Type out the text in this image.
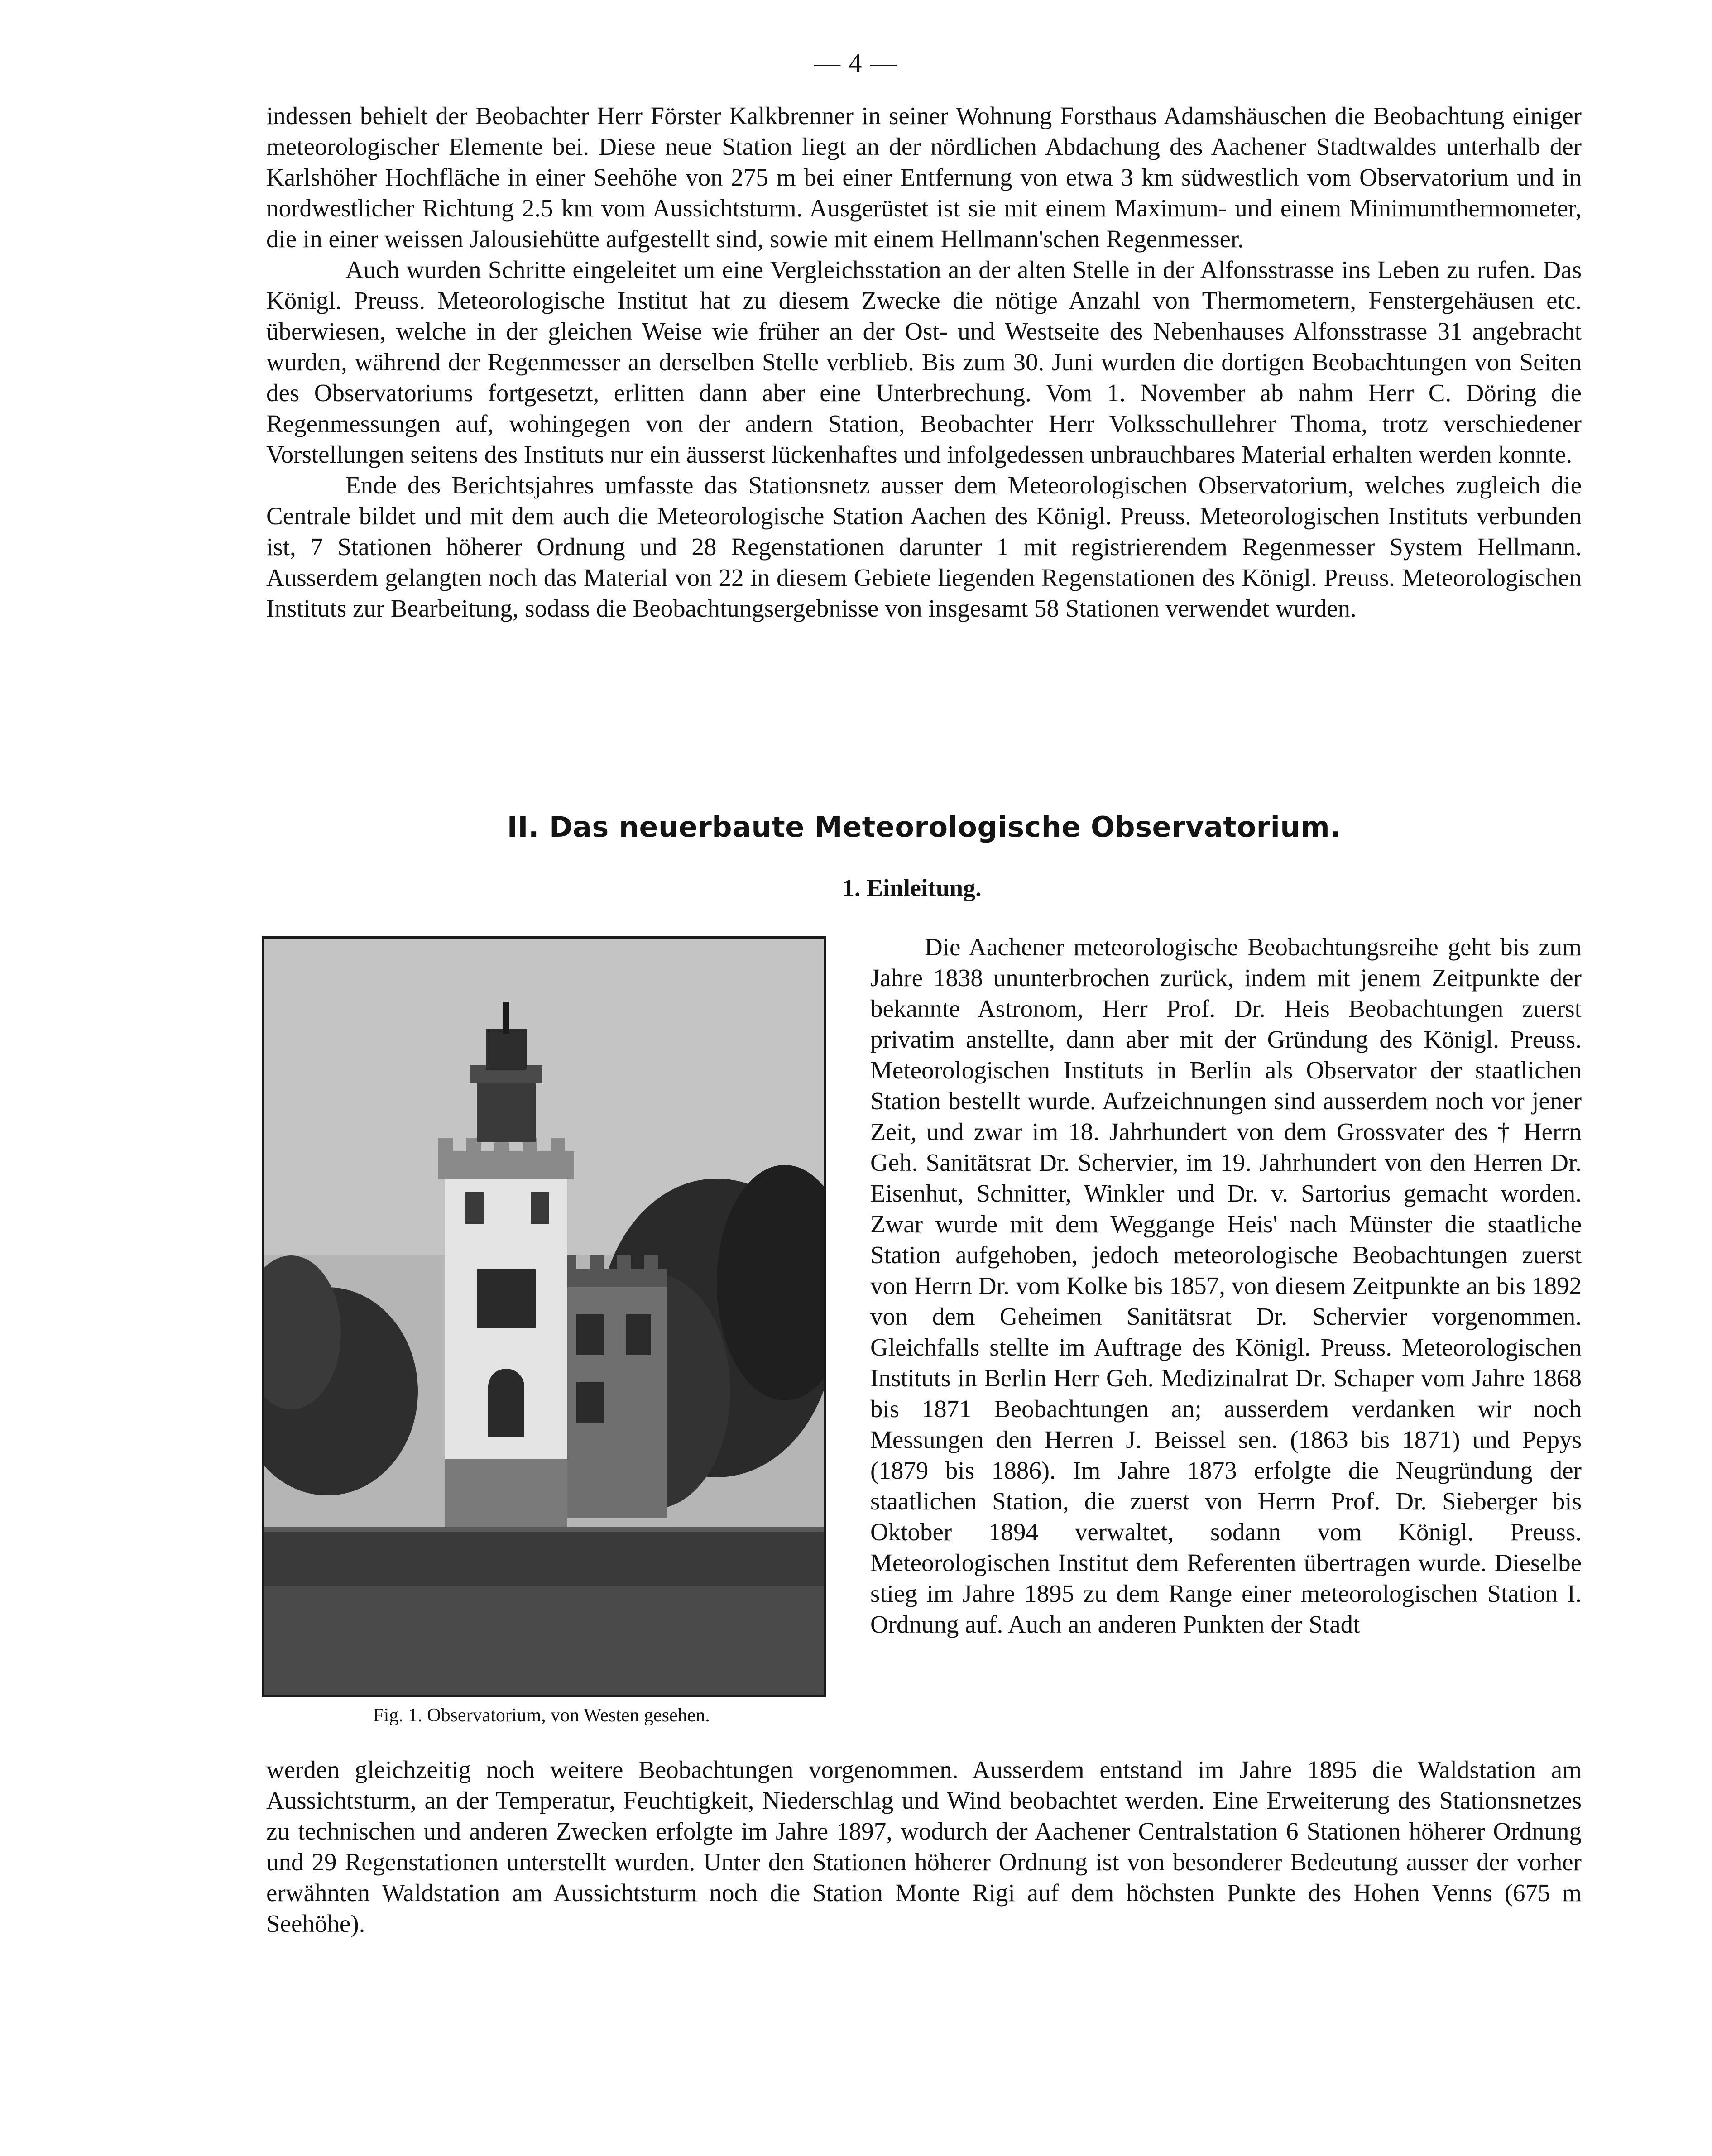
— 4 —

indessen behielt der Beobachter Herr Förster Kalkbrenner in seiner Wohnung Forsthaus Adamshäuschen die Beobachtung einiger meteorologischer Elemente bei. Diese neue Station liegt an der nördlichen Abdachung des Aachener Stadtwaldes unterhalb der Karlshöher Hochfläche in einer Seehöhe von 275 m bei einer Entfernung von etwa 3 km südwestlich vom Observatorium und in nordwestlicher Richtung 2.5 km vom Aussichtsturm. Ausgerüstet ist sie mit einem Maximum- und einem Minimumthermometer, die in einer weissen Jalousiehütte aufgestellt sind, sowie mit einem Hellmann'schen Regenmesser.

Auch wurden Schritte eingeleitet um eine Vergleichsstation an der alten Stelle in der Alfonsstrasse ins Leben zu rufen. Das Königl. Preuss. Meteorologische Institut hat zu diesem Zwecke die nötige Anzahl von Thermometern, Fenstergehäusen etc. überwiesen, welche in der gleichen Weise wie früher an der Ost- und Westseite des Nebenhauses Alfonsstrasse 31 angebracht wurden, während der Regenmesser an derselben Stelle verblieb. Bis zum 30. Juni wurden die dortigen Beobachtungen von Seiten des Observatoriums fortgesetzt, erlitten dann aber eine Unterbrechung. Vom 1. November ab nahm Herr C. Döring die Regenmessungen auf, wohingegen von der andern Station, Beobachter Herr Volksschullehrer Thoma, trotz verschiedener Vorstellungen seitens des Instituts nur ein äusserst lückenhaftes und infolgedessen unbrauchbares Material erhalten werden konnte.

Ende des Berichtsjahres umfasste das Stationsnetz ausser dem Meteorologischen Observatorium, welches zugleich die Centrale bildet und mit dem auch die Meteorologische Station Aachen des Königl. Preuss. Meteorologischen Instituts verbunden ist, 7 Stationen höherer Ordnung und 28 Regenstationen darunter 1 mit registrierendem Regenmesser System Hellmann. Ausserdem gelangten noch das Material von 22 in diesem Gebiete liegenden Regenstationen des Königl. Preuss. Meteorologischen Instituts zur Bearbeitung, sodass die Beobachtungsergebnisse von insgesamt 58 Stationen verwendet wurden.

II. Das neuerbaute Meteorologische Observatorium.
1. Einleitung.
Fig. 1. Observatorium, von Westen gesehen.

Die Aachener meteorologische Beobachtungsreihe geht bis zum Jahre 1838 ununterbrochen zurück, indem mit jenem Zeitpunkte der bekannte Astronom, Herr Prof. Dr. Heis Beobachtungen zuerst privatim anstellte, dann aber mit der Gründung des Königl. Preuss. Meteorologischen Instituts in Berlin als Observator der staatlichen Station bestellt wurde. Aufzeichnungen sind ausserdem noch vor jener Zeit, und zwar im 18. Jahrhundert von dem Grossvater des † Herrn Geh. Sanitätsrat Dr. Schervier, im 19. Jahrhundert von den Herren Dr. Eisenhut, Schnitter, Winkler und Dr. v. Sartorius gemacht worden. Zwar wurde mit dem Weggange Heis' nach Münster die staatliche Station aufgehoben, jedoch meteorologische Beobachtungen zuerst von Herrn Dr. vom Kolke bis 1857, von diesem Zeitpunkte an bis 1892 von dem Geheimen Sanitätsrat Dr. Schervier vorgenommen. Gleichfalls stellte im Auftrage des Königl. Preuss. Meteorologischen Instituts in Berlin Herr Geh. Medizinalrat Dr. Schaper vom Jahre 1868 bis 1871 Beobachtungen an; ausserdem verdanken wir noch Messungen den Herren J. Beissel sen. (1863 bis 1871) und Pepys (1879 bis 1886). Im Jahre 1873 erfolgte die Neugründung der staatlichen Station, die zuerst von Herrn Prof. Dr. Sieberger bis Oktober 1894 verwaltet, sodann vom Königl. Preuss. Meteorologischen Institut dem Referenten übertragen wurde. Dieselbe stieg im Jahre 1895 zu dem Range einer meteorologischen Station I. Ordnung auf. Auch an anderen Punkten der Stadt

werden gleichzeitig noch weitere Beobachtungen vorgenommen. Ausserdem entstand im Jahre 1895 die Waldstation am Aussichtsturm, an der Temperatur, Feuchtigkeit, Niederschlag und Wind beobachtet werden. Eine Erweiterung des Stationsnetzes zu technischen und anderen Zwecken erfolgte im Jahre 1897, wodurch der Aachener Centralstation 6 Stationen höherer Ordnung und 29 Regenstationen unterstellt wurden. Unter den Stationen höherer Ordnung ist von besonderer Bedeutung ausser der vorher erwähnten Waldstation am Aussichtsturm noch die Station Monte Rigi auf dem höchsten Punkte des Hohen Venns (675 m Seehöhe).
